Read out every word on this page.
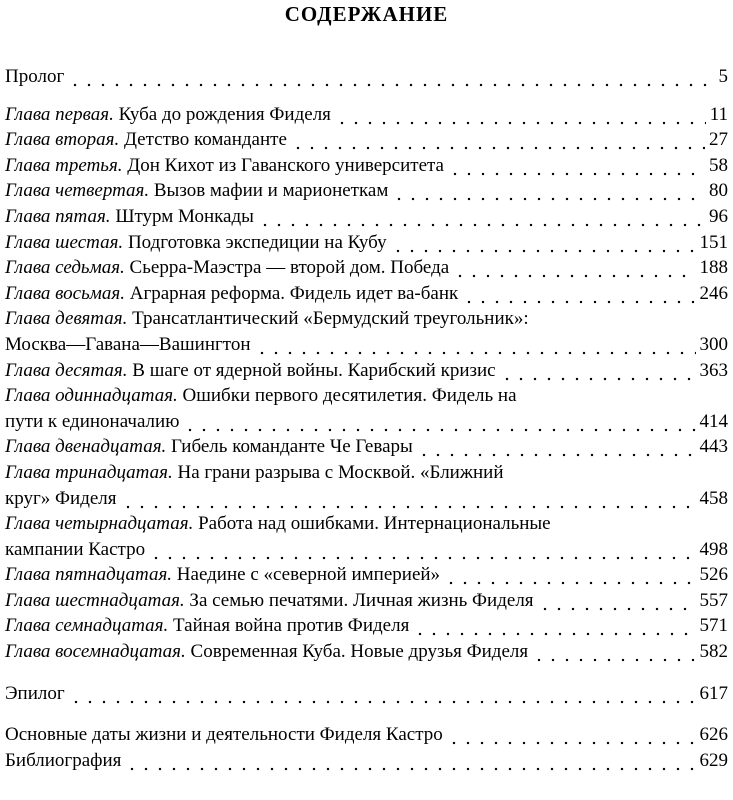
СОДЕРЖАНИЕ
Пролог	5
Глава первая. Куба до рождения Фиделя	11
Глава вторая. Детство команданте	27
Глава третья. Дон Кихот из Гаванского университета	58
Глава четвертая. Вызов мафии и марионеткам	80
Глава пятая. Штурм Монкады	96
Глава шестая. Подготовка экспедиции на Кубу	151
Глава седьмая. Сьерра-Маэстра — второй дом. Победа	188
Глава восьмая. Аграрная реформа. Фидель идет ва-банк	246
Глава девятая. Трансатлантический «Бермудский треугольник»:
Москва—Гавана—Вашингтон	300
Глава десятая. В шаге от ядерной войны. Карибский кризис	363
Глава одиннадцатая. Ошибки первого десятилетия. Фидель на
пути к единоначалию	414
Глава двенадцатая. Гибель команданте Че Гевары	443
Глава тринадцатая. На грани разрыва с Москвой. «Ближний
круг» Фиделя	458
Глава четырнадцатая. Работа над ошибками. Интернациональные
кампании Кастро	498
Глава пятнадцатая. Наедине с «северной империей»	526
Глава шестнадцатая. За семью печатями. Личная жизнь Фиделя	557
Глава семнадцатая. Тайная война против Фиделя	571
Глава восемнадцатая. Современная Куба. Новые друзья Фиделя	582
Эпилог	617
Основные даты жизни и деятельности Фиделя Кастро	626
Библиография	629
